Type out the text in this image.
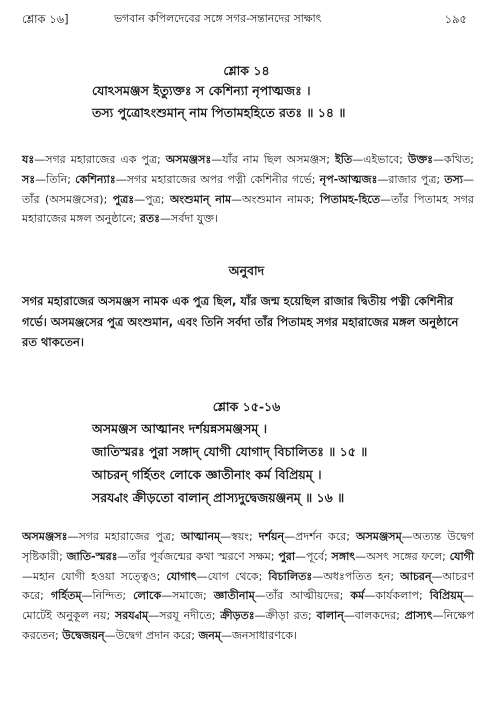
শ্লোক ১৬]	ভগবান কপিলদেবের সঙ্গে সগর-সন্তানদের সাক্ষাৎ	১৯৫
শ্লোক ১৪
যোঽসমঞ্জস ইত্যুক্তঃ স কেশিন্যা নৃপাত্মজঃ ।
তস্য পুত্রোঽংশুমান্ নাম পিতামহহিতে রতঃ ॥ ১৪ ॥
যঃ—সগর মহারাজের এক পুত্র; অসমঞ্জসঃ—যাঁর নাম ছিল অসমঞ্জস; ইতি—এইভাবে; উক্তঃ—কথিত; সঃ—তিনি; কেশিন্যাঃ—সগর মহারাজের অপর পত্নী কেশিনীর গর্ভে; নৃপ-আত্মজঃ—রাজার পুত্র; তস্য—তাঁর (অসমঞ্জসের); পুত্রঃ—পুত্র; অংশুমান্ নাম—অংশুমান নামক; পিতামহ-হিতে—তাঁর পিতামহ সগর মহারাজের মঙ্গল অনুষ্ঠানে; রতঃ—সর্বদা যুক্ত।
অনুবাদ
সগর মহারাজের অসমঞ্জস নামক এক পুত্র ছিল, যাঁর জন্ম হয়েছিল রাজার দ্বিতীয় পত্নী কেশিনীর গর্ভে। অসমঞ্জসের পুত্র অংশুমান, এবং তিনি সর্বদা তাঁর পিতামহ সগর মহারাজের মঙ্গল অনুষ্ঠানে রত থাকতেন।
শ্লোক ১৫-১৬
অসমঞ্জস আত্মানং দর্শয়ন্নসমঞ্জসম্ ।
জাতিস্মরঃ পুরা সঙ্গাদ্ যোগী যোগাদ্ বিচালিতঃ ॥ ১৫ ॥
আচরন্ গর্হিতং লোকে জ্ঞাতীনাং কর্ম বিপ্রিয়ম্ ।
সরয্বাং ক্রীড়তো বালান্ প্রাস্যদুদ্বেজয়ঞ্জনম্ ॥ ১৬ ॥
অসমঞ্জসঃ—সগর মহারাজের পুত্র; আত্মানম্—স্বয়ং; দর্শয়ন্—প্রদর্শন করে; অসমঞ্জসম্—অত্যন্ত উদ্বেগ সৃষ্টিকারী; জাতি-স্মরঃ—তাঁর পূর্বজন্মের কথা স্মরণে সক্ষম; পুরা—পূর্বে; সঙ্গাৎ—অসৎ সঙ্গের ফলে; যোগী—মহান যোগী হওয়া সত্ত্বেও; যোগাৎ—যোগ থেকে; বিচালিতঃ—অধঃপতিত হন; আচরন্—আচরণ করে; গর্হিতম্—নিন্দিত; লোকে—সমাজে; জ্ঞাতীনাম্—তাঁর আত্মীয়দের; কর্ম—কার্যকলাপ; বিপ্রিয়ম্—মোটেই অনুকূল নয়; সরয্বাম্—সরযূ নদীতে; ক্রীড়তঃ—ক্রীড়া রত; বালান্—বালকদের; প্রাস্যৎ—নিক্ষেপ করতেন; উদ্বেজয়ন্—উদ্বেগ প্রদান করে; জনম্—জনসাধারণকে।
